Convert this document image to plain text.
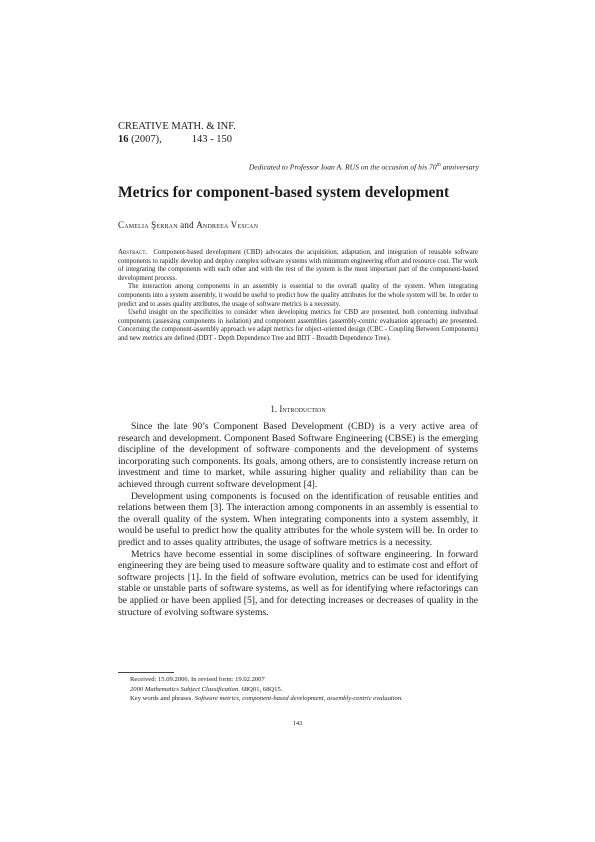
CREATIVE MATH. & INF.
16
(2007),	143 - 150
Dedicated to Professor Ioan A. RUS on the occasion of his 70th anniversary
Metrics for component-based system development
Camelia Şerban and Andreea Vescan

Abstract. Component-based development (CBD) advocates the acquisition, adaptation, and integration of reusable software components to rapidly develop and deploy complex software systems with minimum engineering effort and resource cost. The work of integrating the components with each other and with the rest of the system is the most important part of the component-based development process.

The interaction among components in an assembly is essential to the overall quality of the system. When integrating components into a system assembly, it would be useful to predict how the quality attributes for the whole system will be. In order to predict and to asses quality attributes, the usage of software metrics is a necessity.

Useful insight on the specificities to consider when developing metrics for CBD are presented, both concerning individual components (assessing components in isolation) and component assemblies (assembly-centric evaluation approach) are presented. Concerning the component-assembly approach we adapt metrics for object-oriented design (CBC - Coupling Between Components) and new metrics are defined (DDT - Depth Dependence Tree and BDT - Breadth Dependence Tree).

1. Introduction

Since the late 90’s Component Based Development (CBD) is a very active area of research and development. Component Based Software Engineering (CBSE) is the emerging discipline of the development of software components and the development of systems incorporating such components. Its goals, among others, are to consistently increase return on investment and time to market, while assuring higher quality and reliability than can be achieved through current software development [4].

Development using components is focused on the identification of reusable entities and relations between them [3]. The interaction among components in an assembly is essential to the overall quality of the system. When integrating components into a system assembly, it would be useful to predict how the quality attributes for the whole system will be. In order to predict and to asses quality attributes, the usage of software metrics is a necessity.

Metrics have become essential in some disciplines of software engineering. In forward engineering they are being used to measure software quality and to estimate cost and effort of software projects [1]. In the field of software evolution, metrics can be used for identifying stable or unstable parts of software systems, as well as for identifying where refactorings can be applied or have been applied [5], and for detecting increases or decreases of quality in the structure of evolving software systems.

Received: 15.09.2006. In revised form: 19.02.2007
2000 Mathematics Subject Classification. 68Q01, 68Q15.
Key words and phrases. Software metrics, component-based development, assembly-centric evaluation.
143
